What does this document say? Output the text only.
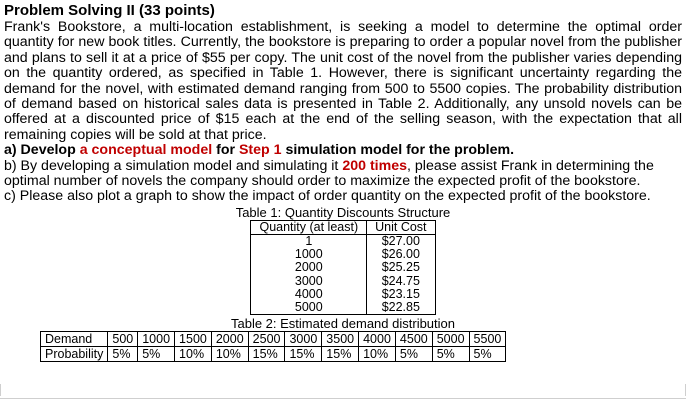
Problem Solving II (33 points)
Frank's Bookstore, a multi-location establishment, is seeking a model to determine the optimal order quantity for new book titles. Currently, the bookstore is preparing to order a popular novel from the publisher and plans to sell it at a price of $55 per copy. The unit cost of the novel from the publisher varies depending on the quantity ordered, as specified in Table 1. However, there is significant uncertainty regarding the demand for the novel, with estimated demand ranging from 500 to 5500 copies. The probability distribution of demand based on historical sales data is presented in Table 2. Additionally, any unsold novels can be offered at a discounted price of $15 each at the end of the selling season, with the expectation that all remaining copies will be sold at that price.
a) Develop a conceptual model for Step 1 simulation model for the problem.
b) By developing a simulation model and simulating it 200 times, please assist Frank in determining the optimal number of novels the company should order to maximize the expected profit of the bookstore.
c) Please also plot a graph to show the impact of order quantity on the expected profit of the bookstore.
Table 1: Quantity Discounts Structure
Quantity (at least)	Unit Cost
1	$27.00
1000	$26.00
2000	$25.25
3000	$24.75
4000	$23.15
5000	$22.85
Table 2: Estimated demand distribution
Demand	500	1000	1500	2000	2500	3000	3500	4000	4500	5000	5500
Probability	5%	5%	10%	10%	15%	15%	15%	10%	5%	5%	5%
